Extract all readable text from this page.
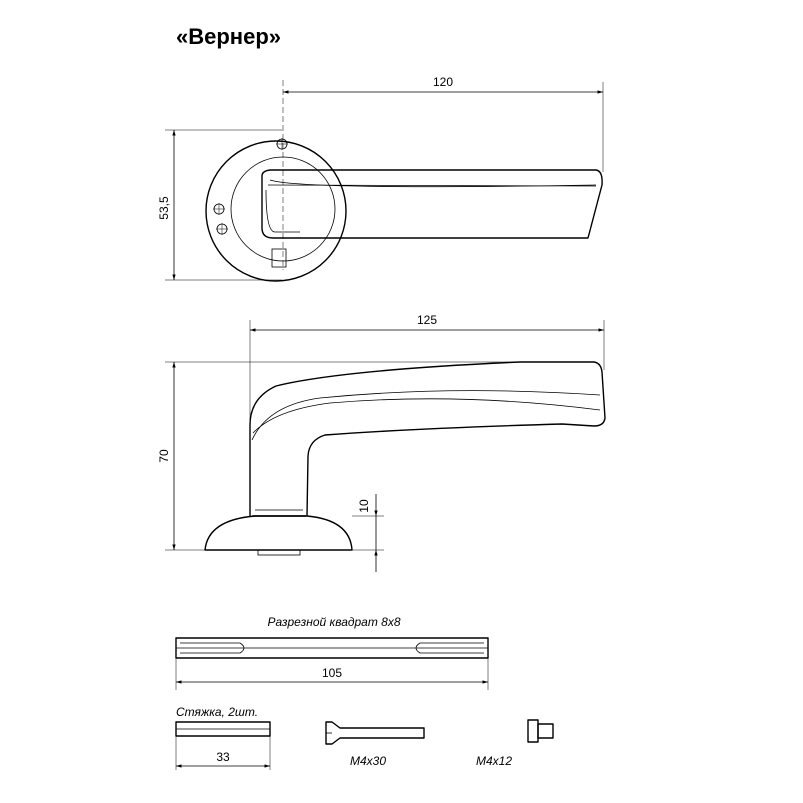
«Вернер»
120
53,5
125
70
10
Разрезной квадрат 8x8
105
Стяжка, 2шт.
33	M4x30	M4x12
